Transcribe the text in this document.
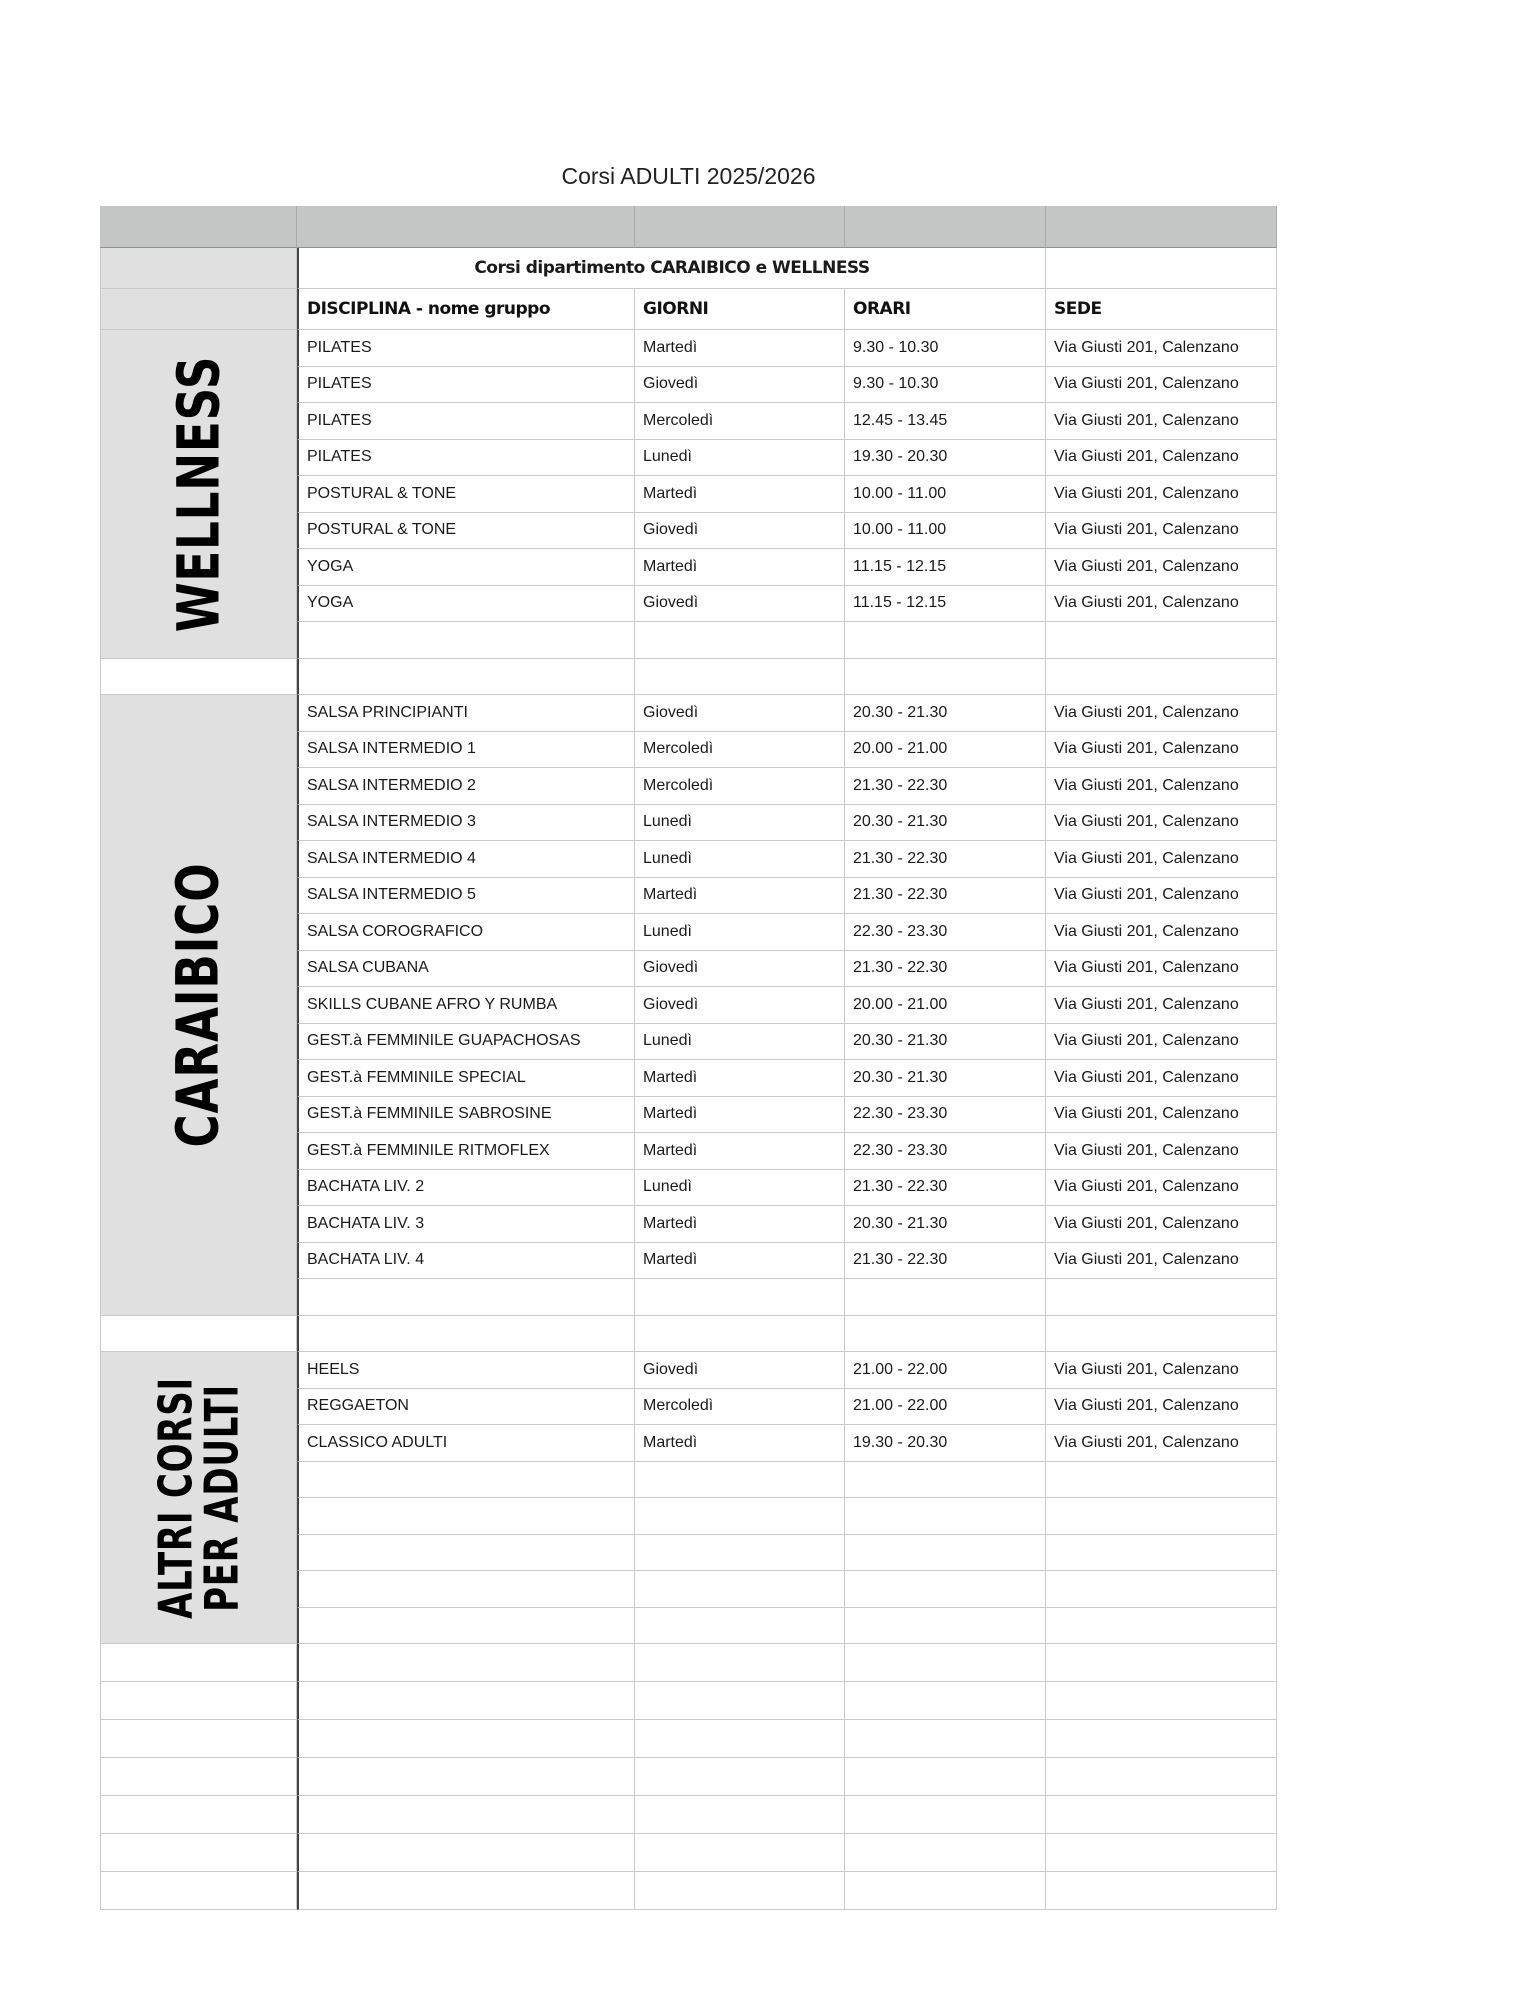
Corsi ADULTI 2025/2026
Corsi dipartimento CARAIBICO e WELLNESS
DISCIPLINA - nome gruppo	GIORNI	ORARI	SEDE
PILATES	Martedì	9.30 - 10.30	Via Giusti 201, Calenzano
PILATES	Giovedì	9.30 - 10.30	Via Giusti 201, Calenzano
PILATES	Mercoledì	12.45 - 13.45	Via Giusti 201, Calenzano
PILATES	Lunedì	19.30 - 20.30	Via Giusti 201, Calenzano
POSTURAL & TONE	Martedì	10.00 - 11.00	Via Giusti 201, Calenzano
POSTURAL & TONE	Giovedì	10.00 - 11.00	Via Giusti 201, Calenzano
YOGA	Martedì	11.15 - 12.15	Via Giusti 201, Calenzano
YOGA	Giovedì	11.15 - 12.15	Via Giusti 201, Calenzano
WELLNESS
SALSA PRINCIPIANTI	Giovedì	20.30 - 21.30	Via Giusti 201, Calenzano
SALSA INTERMEDIO 1	Mercoledì	20.00 - 21.00	Via Giusti 201, Calenzano
SALSA INTERMEDIO 2	Mercoledì	21.30 - 22.30	Via Giusti 201, Calenzano
SALSA INTERMEDIO 3	Lunedì	20.30 - 21.30	Via Giusti 201, Calenzano
SALSA INTERMEDIO 4	Lunedì	21.30 - 22.30	Via Giusti 201, Calenzano
SALSA INTERMEDIO 5	Martedì	21.30 - 22.30	Via Giusti 201, Calenzano
SALSA COROGRAFICO	Lunedì	22.30 - 23.30	Via Giusti 201, Calenzano
SALSA CUBANA	Giovedì	21.30 - 22.30	Via Giusti 201, Calenzano
SKILLS CUBANE AFRO Y RUMBA	Giovedì	20.00 - 21.00	Via Giusti 201, Calenzano
GEST.à FEMMINILE GUAPACHOSAS	Lunedì	20.30 - 21.30	Via Giusti 201, Calenzano
GEST.à FEMMINILE SPECIAL	Martedì	20.30 - 21.30	Via Giusti 201, Calenzano
GEST.à FEMMINILE SABROSINE	Martedì	22.30 - 23.30	Via Giusti 201, Calenzano
GEST.à FEMMINILE RITMOFLEX	Martedì	22.30 - 23.30	Via Giusti 201, Calenzano
BACHATA LIV. 2	Lunedì	21.30 - 22.30	Via Giusti 201, Calenzano
BACHATA LIV. 3	Martedì	20.30 - 21.30	Via Giusti 201, Calenzano
BACHATA LIV. 4	Martedì	21.30 - 22.30	Via Giusti 201, Calenzano
CARAIBICO
HEELS	Giovedì	21.00 - 22.00	Via Giusti 201, Calenzano
REGGAETON	Mercoledì	21.00 - 22.00	Via Giusti 201, Calenzano
CLASSICO ADULTI	Martedì	19.30 - 20.30	Via Giusti 201, Calenzano
ALTRI CORSI
PER ADULTI
